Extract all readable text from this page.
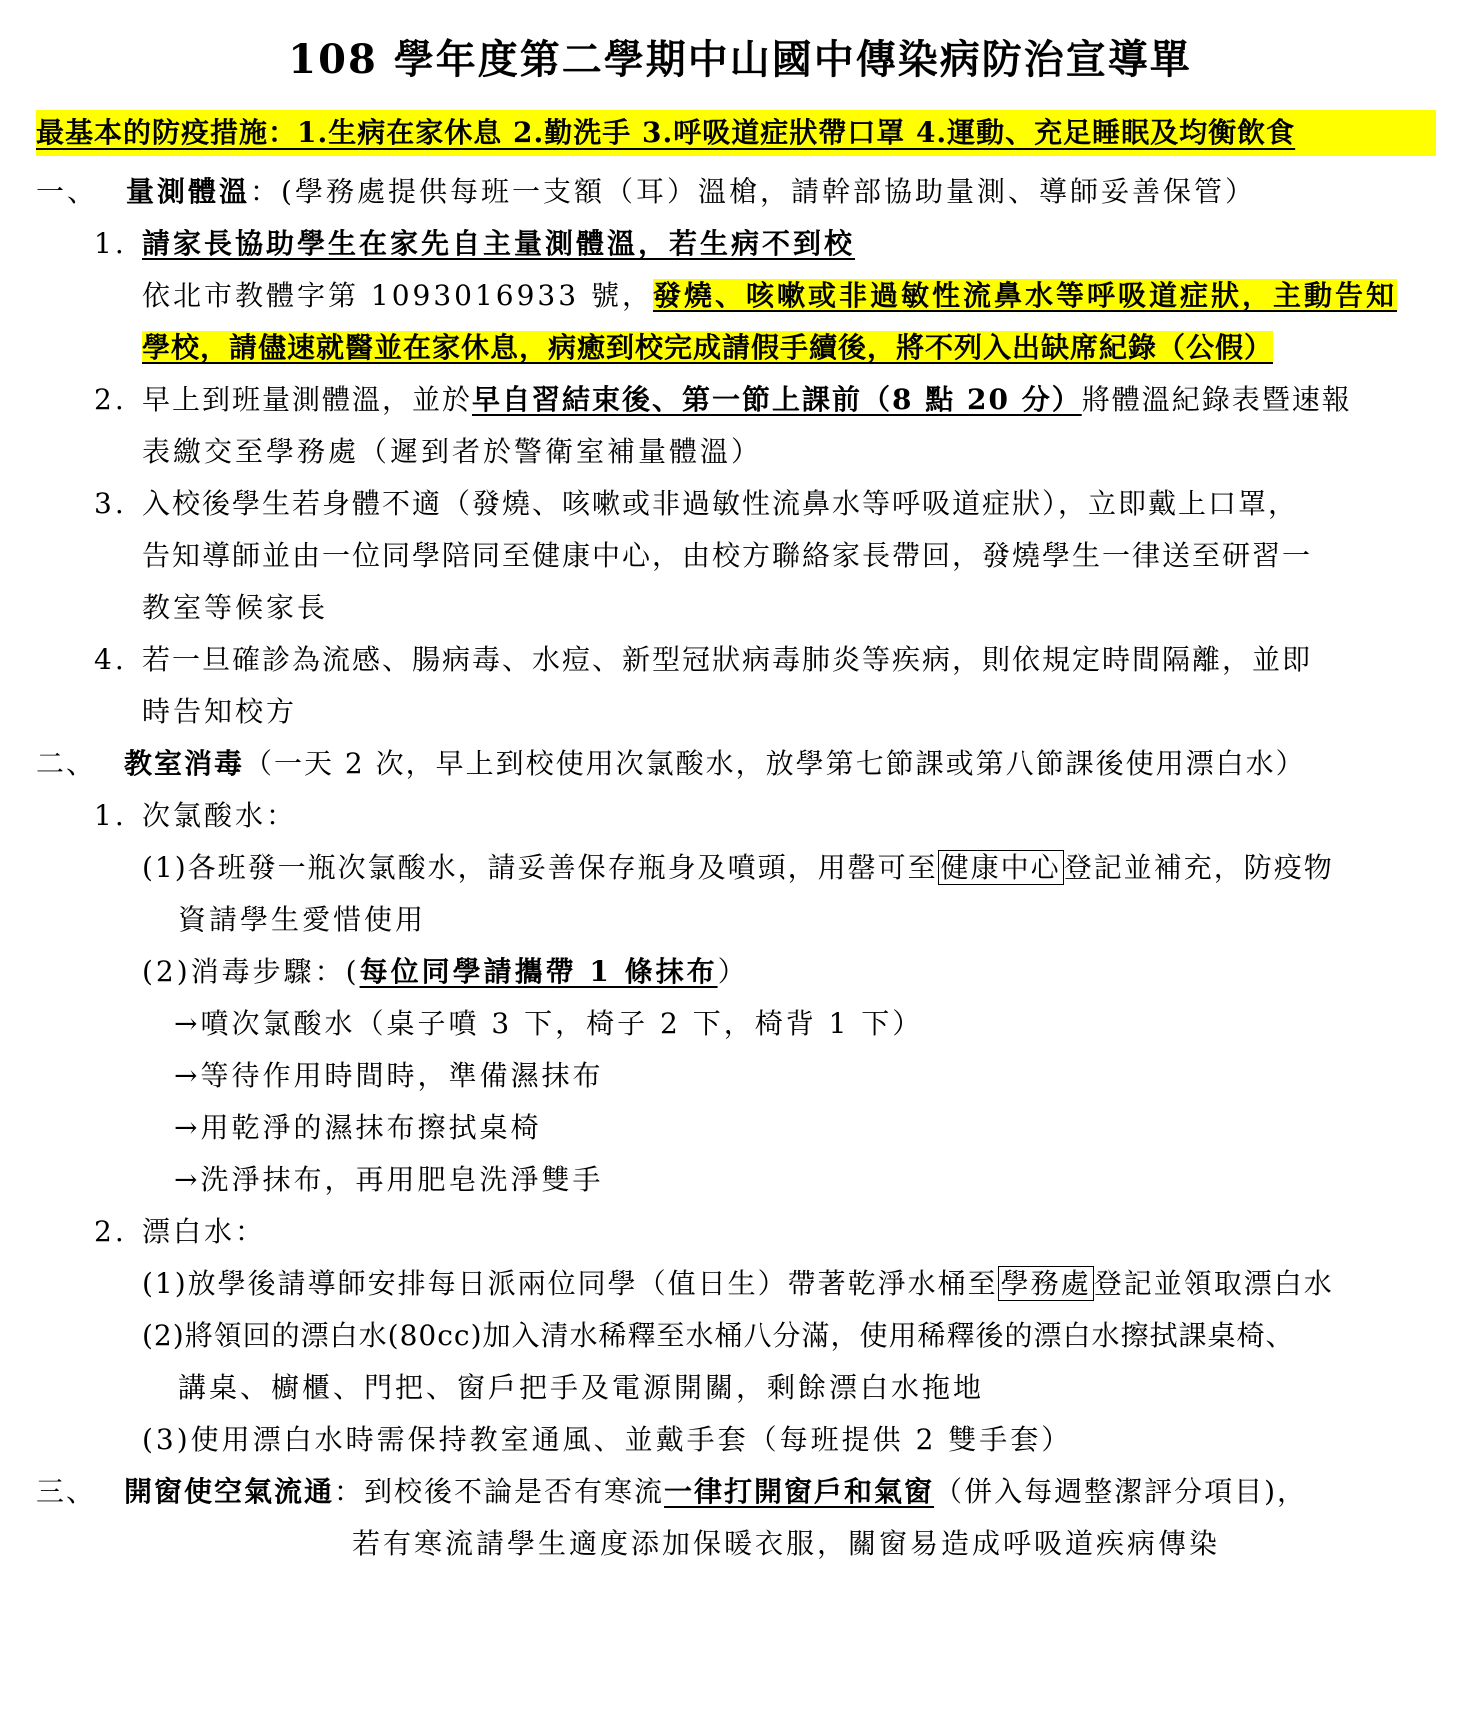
108 學年度第二學期中山國中傳染病防治宣導單
最基本的防疫措施：1.生病在家休息 2.勤洗手 3.呼吸道症狀帶口罩 4.運動、充足睡眠及均衡飲食
一、 量測體溫：(學務處提供每班一支額（耳）溫槍，請幹部協助量測、導師妥善保管）
1. 請家長協助學生在家先自主量測體溫，若生病不到校
依北市教體字第 1093016933 號，發燒、咳嗽或非過敏性流鼻水等呼吸道症狀，主動告知
學校，請儘速就醫並在家休息，病癒到校完成請假手續後，將不列入出缺席紀錄（公假）
2. 早上到班量測體溫，並於早自習結束後、第一節上課前（8 點 20 分）將體溫紀錄表暨速報
表繳交至學務處（遲到者於警衛室補量體溫）
3. 入校後學生若身體不適（發燒、咳嗽或非過敏性流鼻水等呼吸道症狀），立即戴上口罩，
告知導師並由一位同學陪同至健康中心，由校方聯絡家長帶回，發燒學生一律送至研習一
教室等候家長
4. 若一旦確診為流感、腸病毒、水痘、新型冠狀病毒肺炎等疾病，則依規定時間隔離，並即
時告知校方
二、 教室消毒（一天 2 次，早上到校使用次氯酸水，放學第七節課或第八節課後使用漂白水）
1. 次氯酸水：
(1)各班發一瓶次氯酸水，請妥善保存瓶身及噴頭，用罄可至 健康中心 登記並補充，防疫物
資請學生愛惜使用
(2)消毒步驟：(每位同學請攜帶 1 條抹布）
→噴次氯酸水（桌子噴 3 下，椅子 2 下，椅背 1 下）
→等待作用時間時，準備濕抹布
→用乾淨的濕抹布擦拭桌椅
→洗淨抹布，再用肥皂洗淨雙手
2. 漂白水：
(1)放學後請導師安排每日派兩位同學（值日生）帶著乾淨水桶至 學務處 登記並領取漂白水
(2)將領回的漂白水(80cc)加入清水稀釋至水桶八分滿，使用稀釋後的漂白水擦拭課桌椅、
講桌、櫥櫃、門把、窗戶把手及電源開關，剩餘漂白水拖地
(3)使用漂白水時需保持教室通風、並戴手套（每班提供 2 雙手套）
三、 開窗使空氣流通：到校後不論是否有寒流一律打開窗戶和氣窗（併入每週整潔評分項目)，
若有寒流請學生適度添加保暖衣服，關窗易造成呼吸道疾病傳染
